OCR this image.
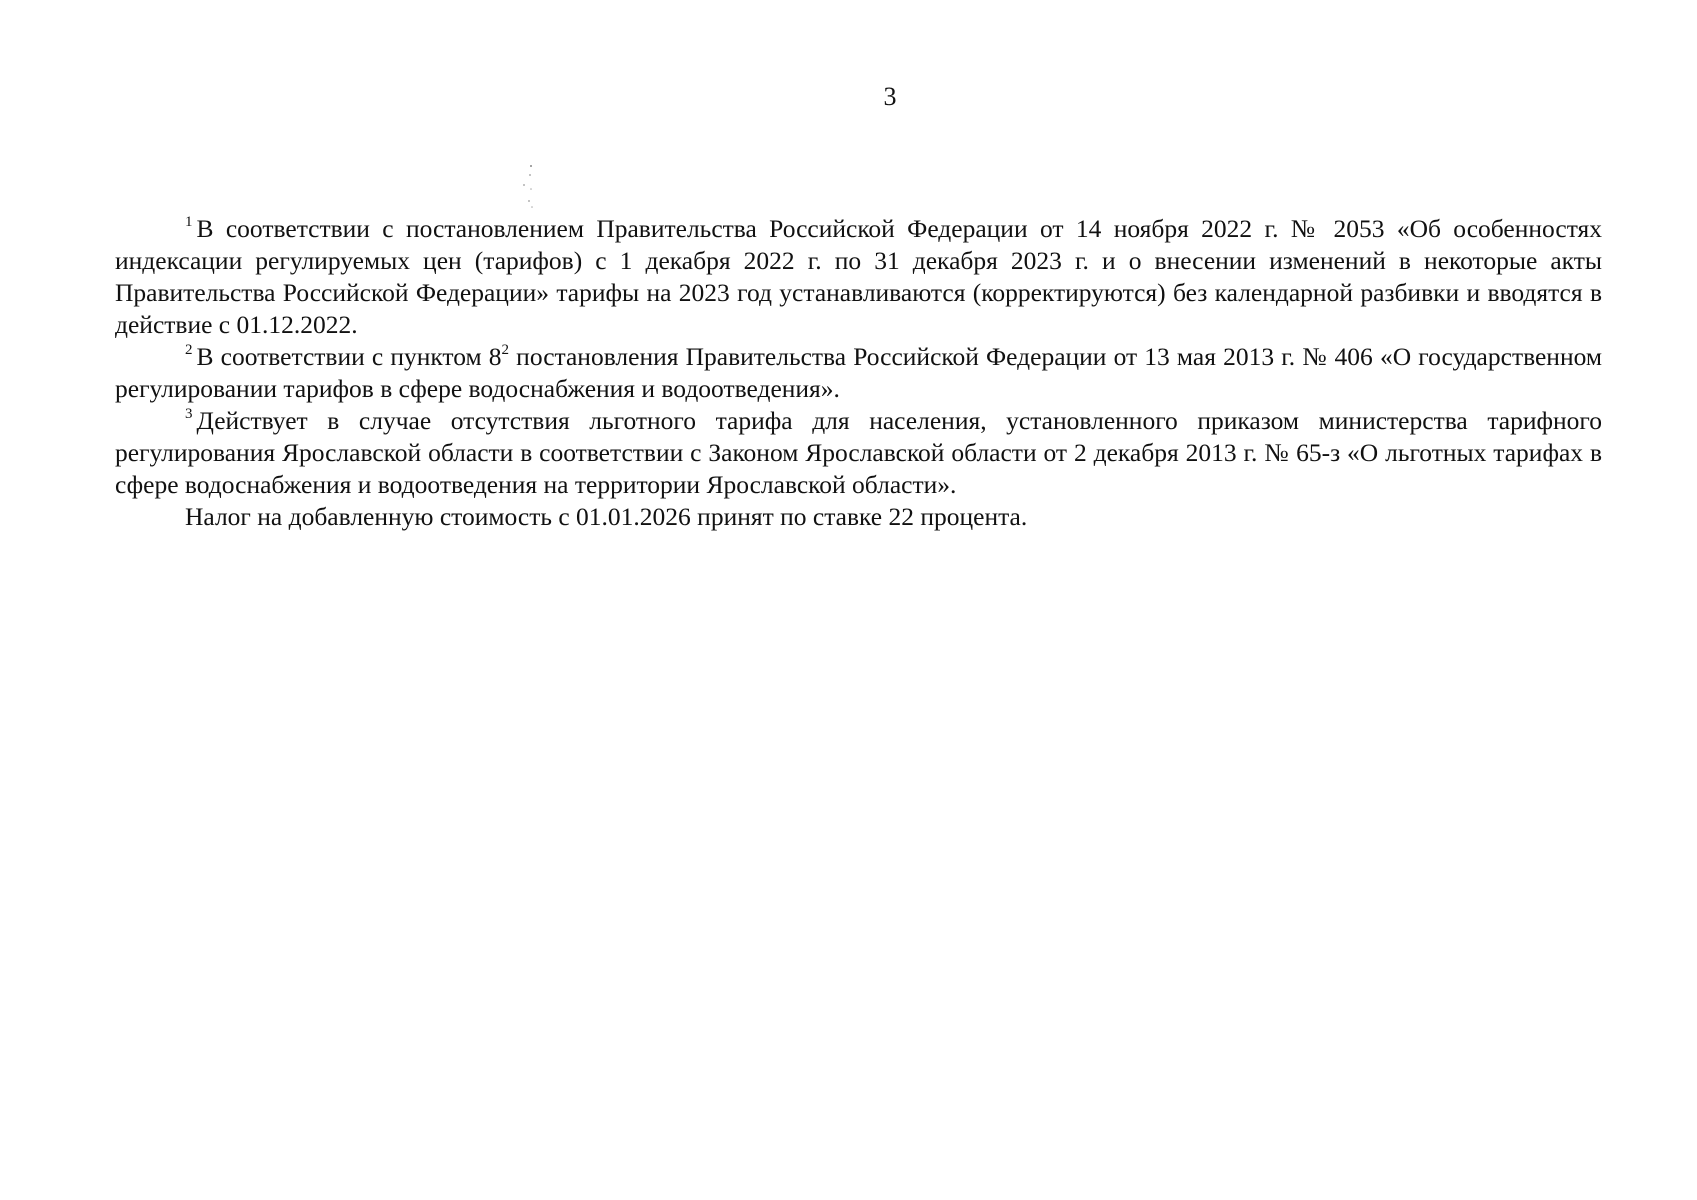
3

$^1$ В соответствии с постановлением Правительства Российской Федерации от 14 ноября 2022 г. № 2053 «Об особенностях индексации регулируемых цен (тарифов) с 1 декабря 2022 г. по 31 декабря 2023 г. и о внесении изменений в некоторые акты Правительства Российской Федерации» тарифы на 2023 год устанавливаются (корректируются) без календарной разбивки и вводятся в действие с 01.12.2022.

$^2$ В соответствии с пунктом $8^2$ постановления Правительства Российской Федерации от 13 мая 2013 г. № 406 «О государственном регулировании тарифов в сфере водоснабжения и водоотведения».

$^3$ Действует в случае отсутствия льготного тарифа для населения, установленного приказом министерства тарифного регулирования Ярославской области в соответствии с Законом Ярославской области от 2 декабря 2013 г. № 65-з «О льготных тарифах в сфере водоснабжения и водоотведения на территории Ярославской области».

Налог на добавленную стоимость с 01.01.2026 принят по ставке 22 процента.
